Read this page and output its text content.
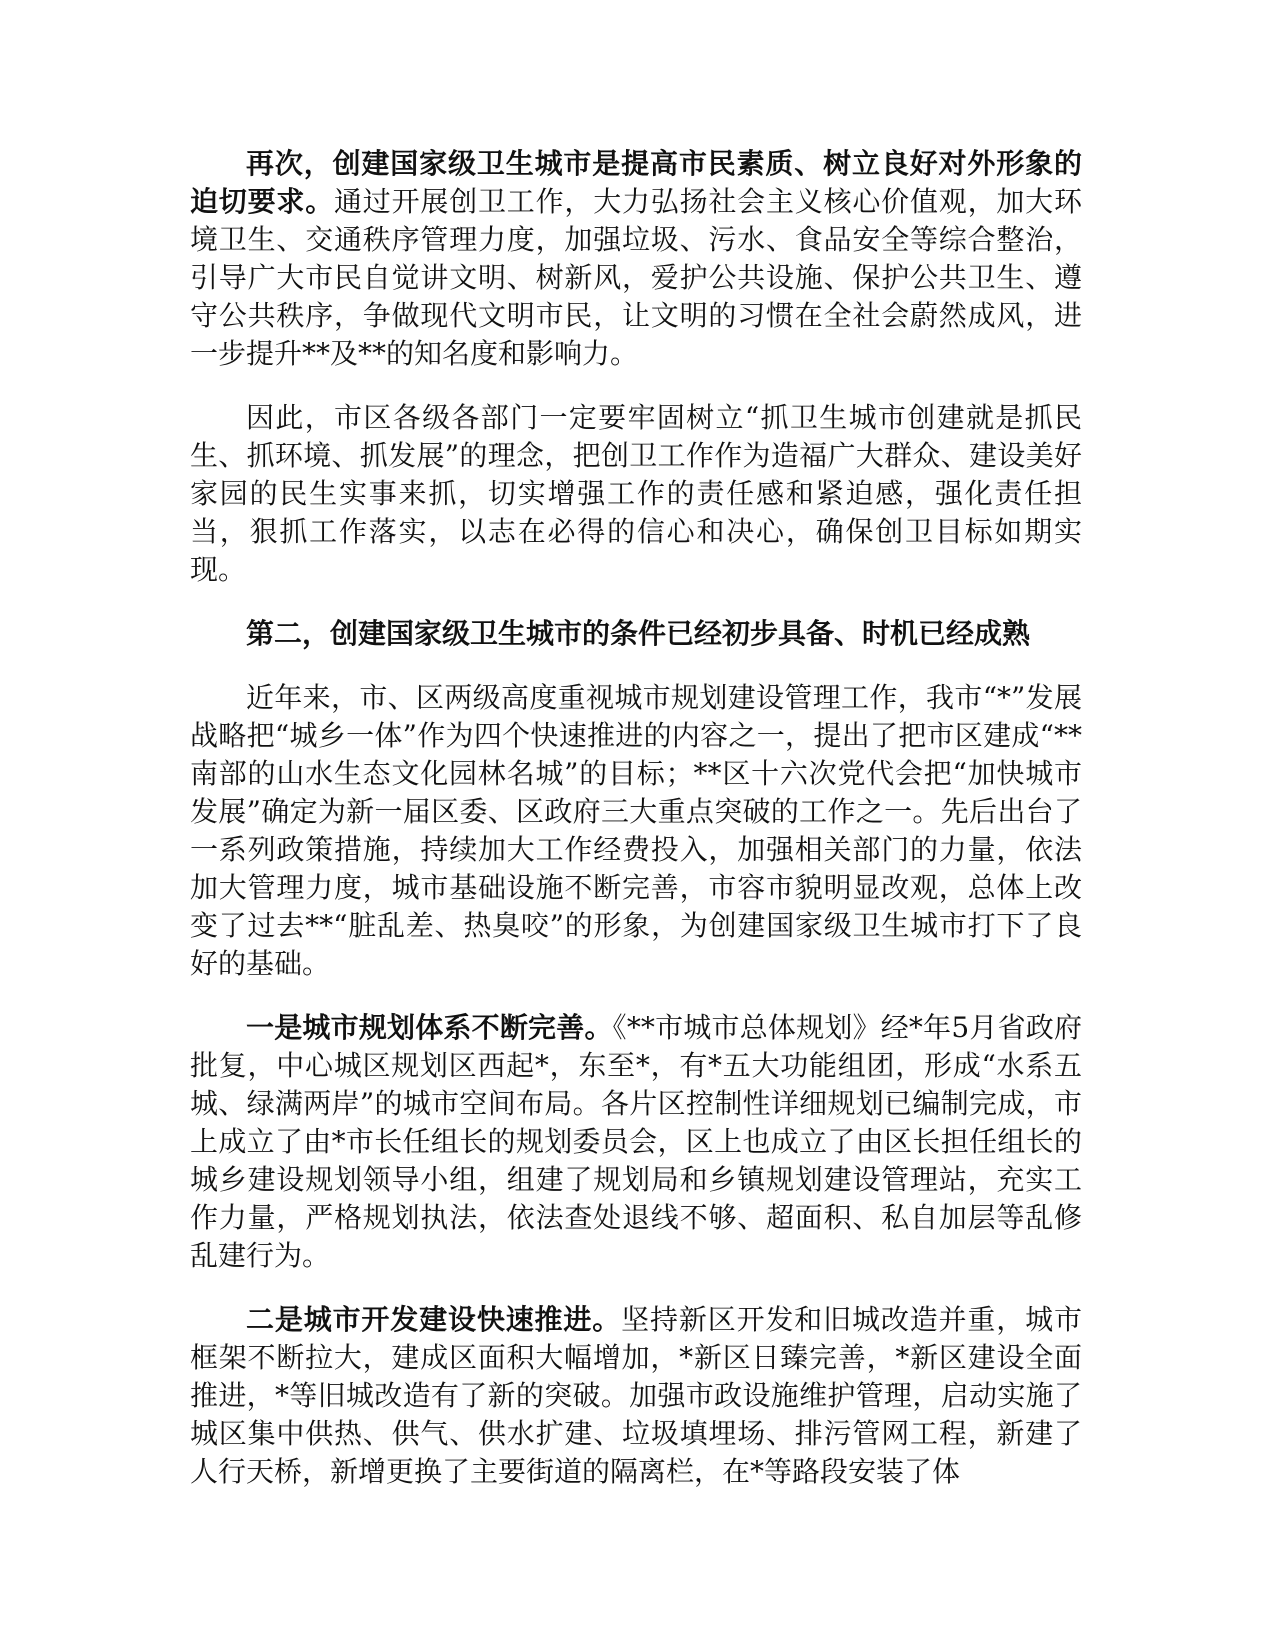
再次，创建国家级卫生城市是提高市民素质、树立良好对外形象的迫切要求。通过开展创卫工作，大力弘扬社会主义核心价值观，加大环境卫生、交通秩序管理力度，加强垃圾、污水、食品安全等综合整治，引导广大市民自觉讲文明、树新风，爱护公共设施、保护公共卫生、遵守公共秩序，争做现代文明市民，让文明的习惯在全社会蔚然成风，进一步提升**及**的知名度和影响力。

因此，市区各级各部门一定要牢固树立“抓卫生城市创建就是抓民生、抓环境、抓发展”的理念，把创卫工作作为造福广大群众、建设美好家园的民生实事来抓，切实增强工作的责任感和紧迫感，强化责任担当，狠抓工作落实，以志在必得的信心和决心，确保创卫目标如期实现。

第二，创建国家级卫生城市的条件已经初步具备、时机已经成熟

近年来，市、区两级高度重视城市规划建设管理工作，我市“*”发展战略把“城乡一体”作为四个快速推进的内容之一，提出了把市区建成“**南部的山水生态文化园林名城”的目标；**区十六次党代会把“加快城市发展”确定为新一届区委、区政府三大重点突破的工作之一。先后出台了一系列政策措施，持续加大工作经费投入，加强相关部门的力量，依法加大管理力度，城市基础设施不断完善，市容市貌明显改观，总体上改变了过去**“脏乱差、热臭咬”的形象，为创建国家级卫生城市打下了良好的基础。

一是城市规划体系不断完善。《**市城市总体规划》经*年5月省政府批复，中心城区规划区西起*，东至*，有*五大功能组团，形成“水系五城、绿满两岸”的城市空间布局。各片区控制性详细规划已编制完成，市上成立了由*市长任组长的规划委员会，区上也成立了由区长担任组长的城乡建设规划领导小组，组建了规划局和乡镇规划建设管理站，充实工作力量，严格规划执法，依法查处退线不够、超面积、私自加层等乱修乱建行为。

二是城市开发建设快速推进。坚持新区开发和旧城改造并重，城市框架不断拉大，建成区面积大幅增加，*新区日臻完善，*新区建设全面推进，*等旧城改造有了新的突破。加强市政设施维护管理，启动实施了城区集中供热、供气、供水扩建、垃圾填埋场、排污管网工程，新建了人行天桥，新增更换了主要街道的隔离栏，在*等路段安装了体
